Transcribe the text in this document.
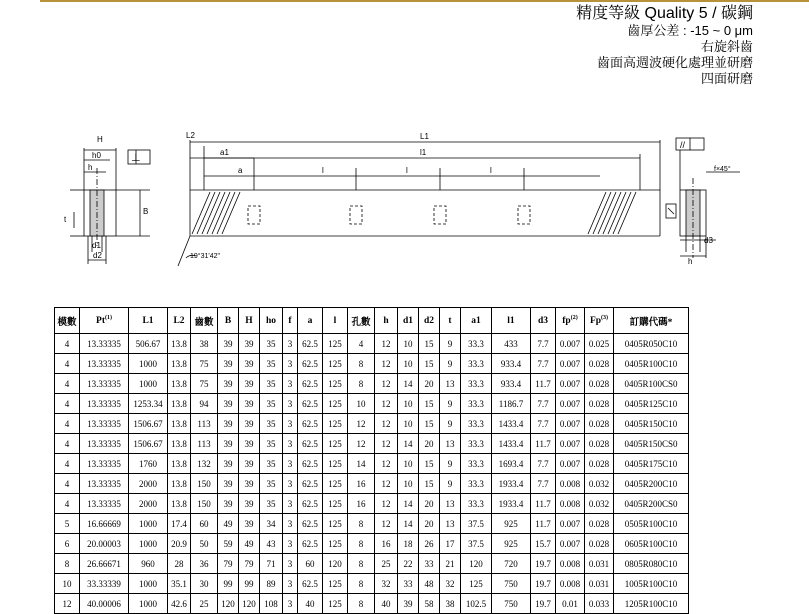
精度等級 Quality 5 / 碳鋼
齒厚公差 : -15 ~ 0 μm
右旋斜齒
齒面高週波硬化處理並研磨
四面研磨
H
h0
h
t
B
d1
d2
⊥
L2	L1
a1	l1
a	l	l	l
19°31'42"
//
f×45°
d3
h
模數	Pt$^{(1)}$	L1	L2	齒數	B	H	ho	f	a	l	孔數	h	d1	d2	t	a1	l1	d3	$fp^{(2)}$	Fp$^{(3)}$	訂購代碼*
4	13.33335	506.67	13.8	38	39	39	35	3	62.5	125	4	12	10	15	9	33.3	433	7.7	0.007	0.025	0405R050C10
4	13.33335	1000	13.8	75	39	39	35	3	62.5	125	8	12	10	15	9	33.3	933.4	7.7	0.007	0.028	0405R100C10
4	13.33335	1000	13.8	75	39	39	35	3	62.5	125	8	12	14	20	13	33.3	933.4	11.7	0.007	0.028	0405R100CS0
4	13.33335	1253.34	13.8	94	39	39	35	3	62.5	125	10	12	10	15	9	33.3	1186.7	7.7	0.007	0.028	0405R125C10
4	13.33335	1506.67	13.8	113	39	39	35	3	62.5	125	12	12	10	15	9	33.3	1433.4	7.7	0.007	0.028	0405R150C10
4	13.33335	1506.67	13.8	113	39	39	35	3	62.5	125	12	12	14	20	13	33.3	1433.4	11.7	0.007	0.028	0405R150CS0
4	13.33335	1760	13.8	132	39	39	35	3	62.5	125	14	12	10	15	9	33.3	1693.4	7.7	0.007	0.028	0405R175C10
4	13.33335	2000	13.8	150	39	39	35	3	62.5	125	16	12	10	15	9	33.3	1933.4	7.7	0.008	0.032	0405R200C10
4	13.33335	2000	13.8	150	39	39	35	3	62.5	125	16	12	14	20	13	33.3	1933.4	11.7	0.008	0.032	0405R200CS0
5	16.66669	1000	17.4	60	49	39	34	3	62.5	125	8	12	14	20	13	37.5	925	11.7	0.007	0.028	0505R100C10
6	20.00003	1000	20.9	50	59	49	43	3	62.5	125	8	16	18	26	17	37.5	925	15.7	0.007	0.028	0605R100C10
8	26.66671	960	28	36	79	79	71	3	60	120	8	25	22	33	21	120	720	19.7	0.008	0.031	0805R080C10
10	33.33339	1000	35.1	30	99	99	89	3	62.5	125	8	32	33	48	32	125	750	19.7	0.008	0.031	1005R100C10
12	40.00006	1000	42.6	25	120	120	108	3	40	125	8	40	39	58	38	102.5	750	19.7	0.01	0.033	1205R100C10
